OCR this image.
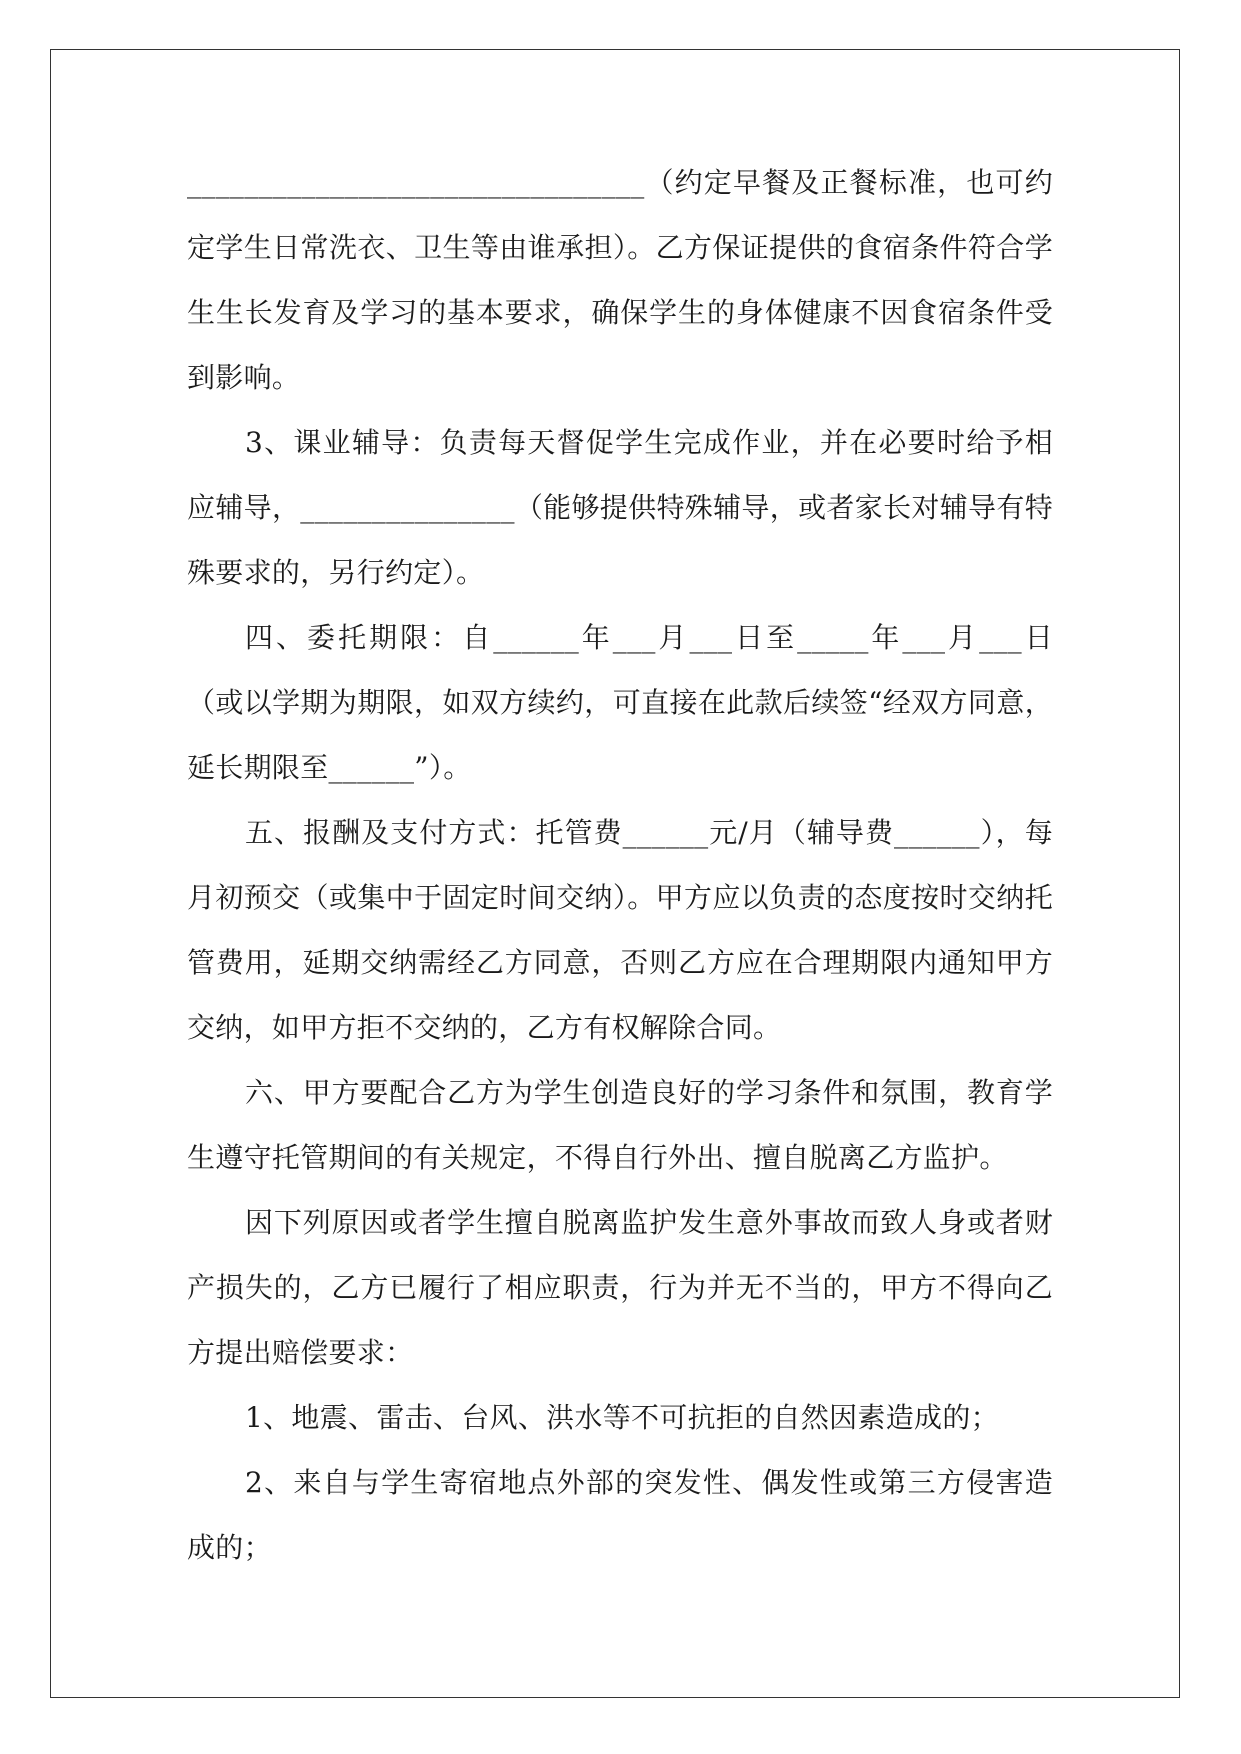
________________________________（约定早餐及正餐标准，也可约定学生日常洗衣、卫生等由谁承担）。乙方保证提供的食宿条件符合学生生长发育及学习的基本要求，确保学生的身体健康不因食宿条件受到影响。

3、课业辅导：负责每天督促学生完成作业，并在必要时给予相应辅导，_______________（能够提供特殊辅导，或者家长对辅导有特殊要求的，另行约定）。

四、委托期限：自______年___月___日至_____年___月___日（或以学期为期限，如双方续约，可直接在此款后续签“经双方同意，延长期限至______”）。

五、报酬及支付方式：托管费______元/月（辅导费______），每月初预交（或集中于固定时间交纳）。甲方应以负责的态度按时交纳托管费用，延期交纳需经乙方同意，否则乙方应在合理期限内通知甲方交纳，如甲方拒不交纳的，乙方有权解除合同。

六、甲方要配合乙方为学生创造良好的学习条件和氛围，教育学生遵守托管期间的有关规定，不得自行外出、擅自脱离乙方监护。

因下列原因或者学生擅自脱离监护发生意外事故而致人身或者财产损失的，乙方已履行了相应职责，行为并无不当的，甲方不得向乙方提出赔偿要求：

1、地震、雷击、台风、洪水等不可抗拒的自然因素造成的；

2、来自与学生寄宿地点外部的突发性、偶发性或第三方侵害造成的；
